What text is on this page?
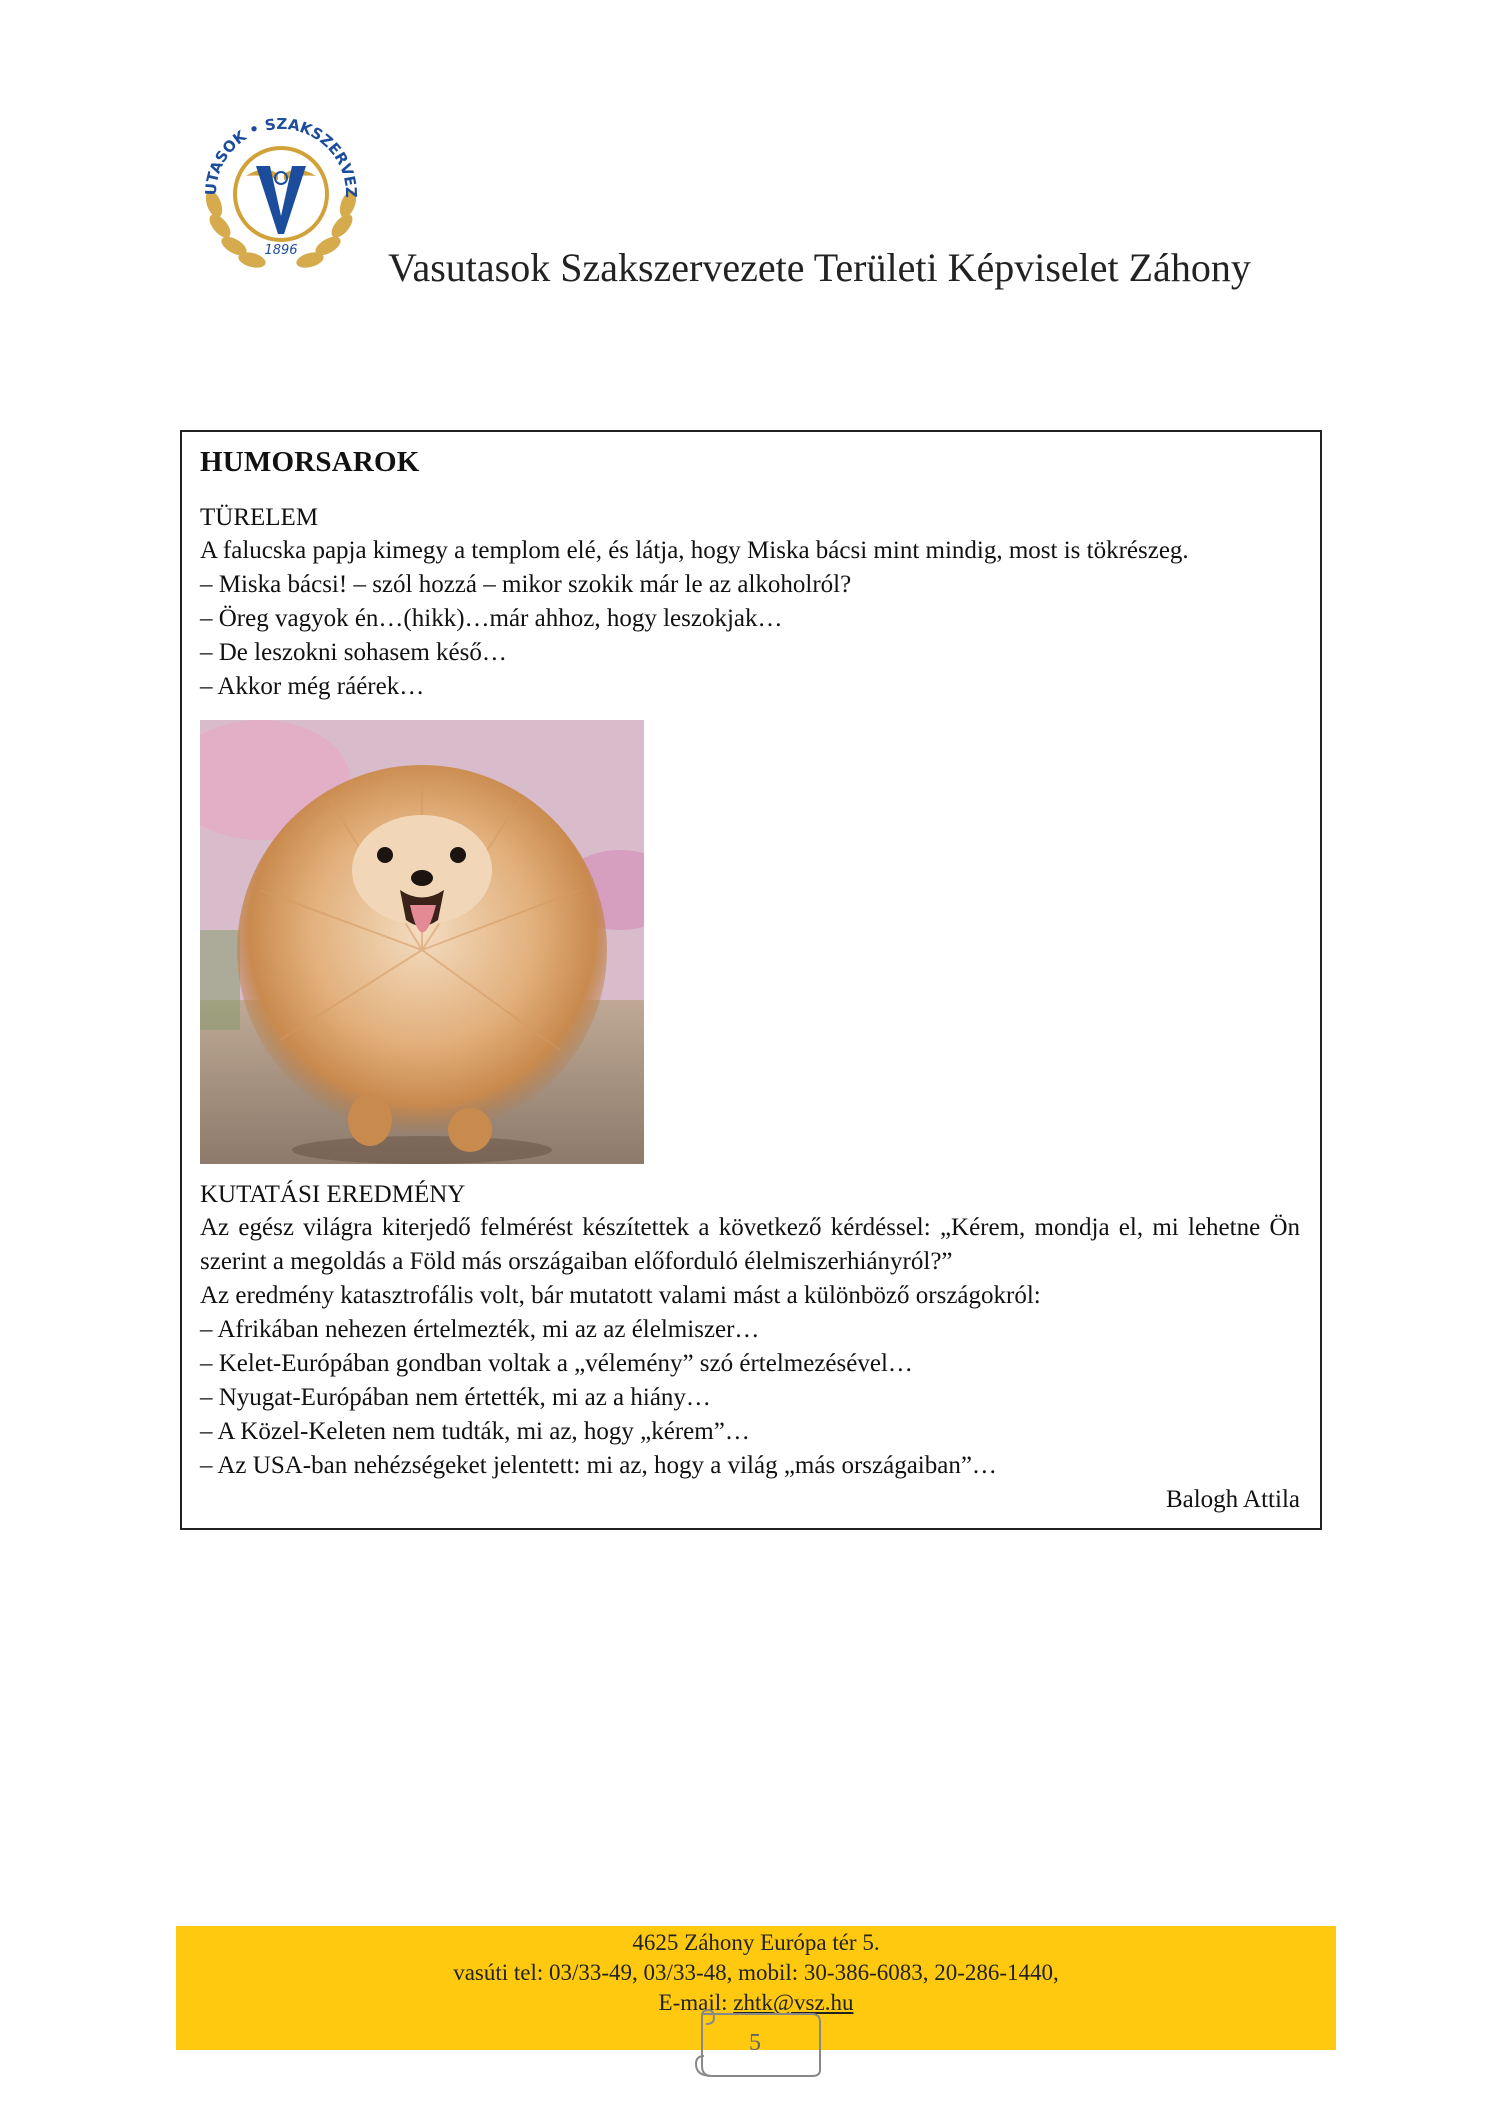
UTASOK • SZAKSZERVEZ
1896 Vasutasok Szakszervezete Területi Képviselet Záhony
HUMORSAROK
TÜRELEM
A falucska papja kimegy a templom elé, és látja, hogy Miska bácsi mint mindig, most is tökrészeg.
– Miska bácsi! – szól hozzá – mikor szokik már le az alkoholról?
– Öreg vagyok én…(hikk)…már ahhoz, hogy leszokjak…
– De leszokni sohasem késő…
– Akkor még ráérek…
KUTATÁSI EREDMÉNY
Az egész világra kiterjedő felmérést készítettek a következő kérdéssel: „Kérem, mondja el, mi lehetne Ön szerint a megoldás a Föld más országaiban előforduló élelmiszerhiányról?”
Az eredmény katasztrofális volt, bár mutatott valami mást a különböző országokról:
– Afrikában nehezen értelmezték, mi az az élelmiszer…
– Kelet-Európában gondban voltak a „vélemény” szó értelmezésével…
– Nyugat-Európában nem értették, mi az a hiány…
– A Közel-Keleten nem tudták, mi az, hogy „kérem”…
– Az USA-ban nehézségeket jelentett: mi az, hogy a világ „más országaiban”…
Balogh Attila
4625 Záhony Európa tér 5.
vasúti tel: 03/33-49, 03/33-48, mobil: 30-386-6083, 20-286-1440,
E-mail: zhtk@vsz.hu
5
